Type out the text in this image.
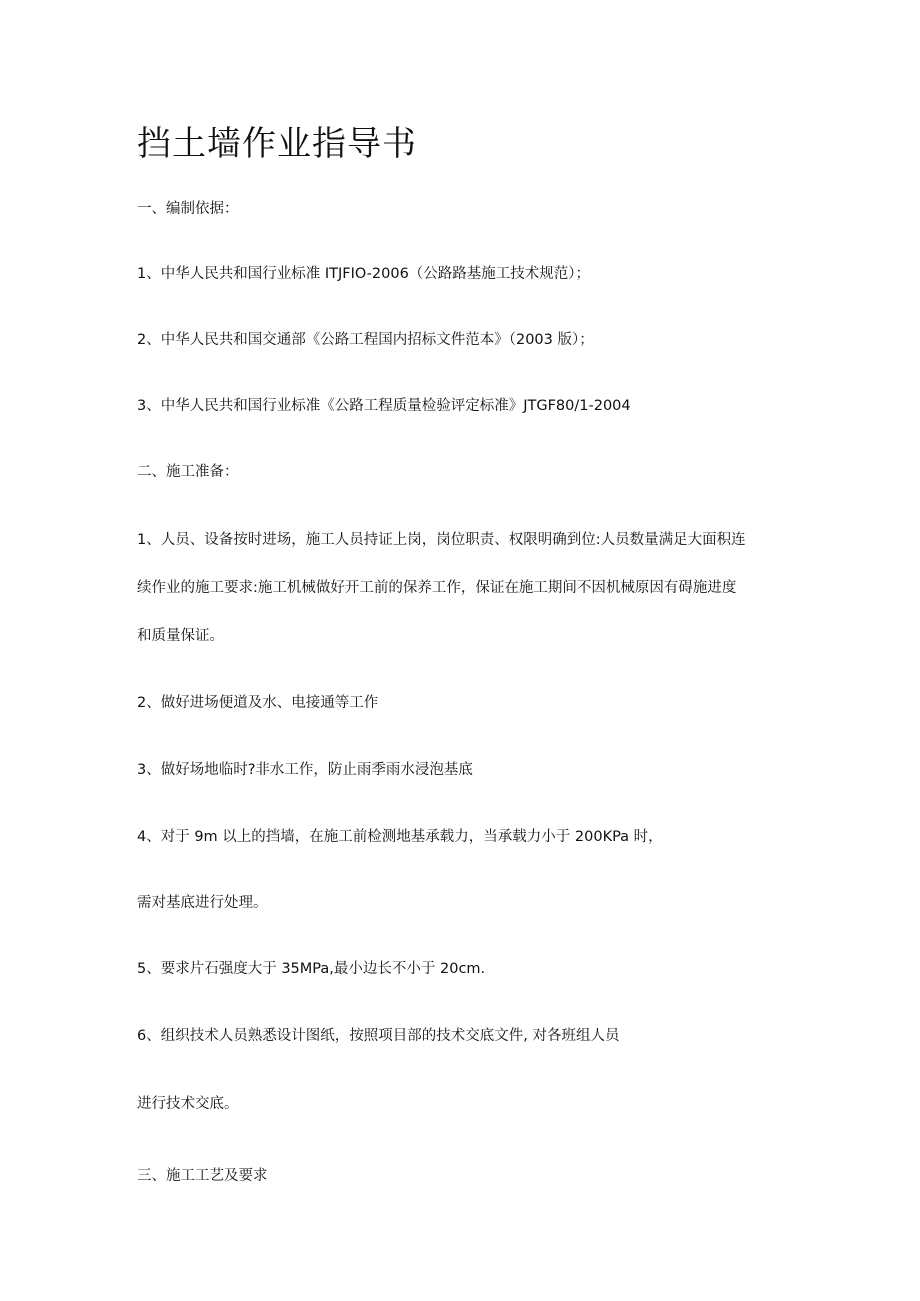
挡土墙作业指导书
一、编制依据：
1、中华人民共和国行业标准 ITJFIO-2006（公路路基施工技术规范）；
2、中华人民共和国交通部《公路工程国内招标文件范本》（2003 版）；
3、中华人民共和国行业标准《公路工程质量检验评定标准》JTGF80/1-2004
二、施工准备：
1、人员、设备按时进场，施工人员持证上岗，岗位职责、权限明确到位:人员数量满足大面积连
续作业的施工要求:施工机械做好开工前的保养工作，保证在施工期间不因机械原因有碍施进度
和质量保证。
2、做好进场便道及水、电接通等工作
3、做好场地临时?非水工作，防止雨季雨水浸泡基底
4、对于 9m 以上的挡墙，在施工前检测地基承载力，当承载力小于 200KPa 时，
需对基底进行处理。
5、要求片石强度大于 35MPa,最小边长不小于 20cm.
6、组织技术人员熟悉设计图纸，按照项目部的技术交底文件, 对各班组人员
进行技术交底。
三、施工工艺及要求
